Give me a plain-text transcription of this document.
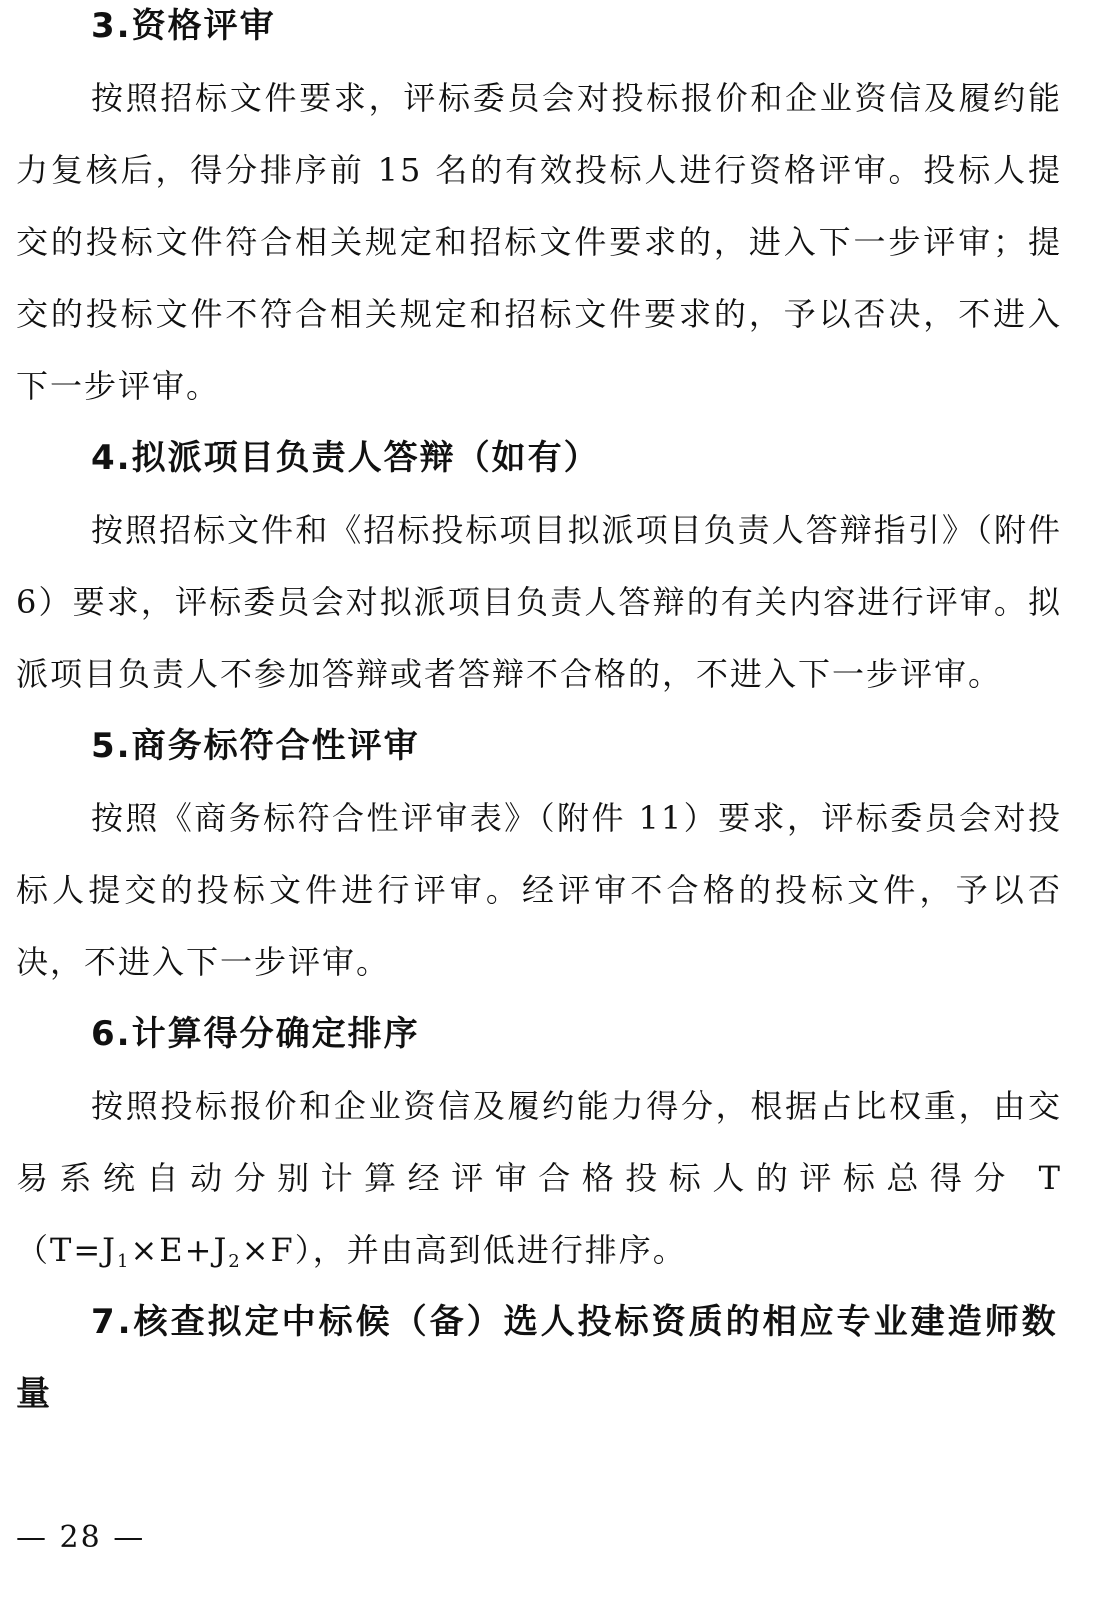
3.资格评审

按照招标文件要求，评标委员会对投标报价和企业资信及履约能力复核后，得分排序前 15 名的有效投标人进行资格评审。投标人提交的投标文件符合相关规定和招标文件要求的，进入下一步评审；提交的投标文件不符合相关规定和招标文件要求的，予以否决，不进入下一步评审。

4.拟派项目负责人答辩（如有）

按照招标文件和《招标投标项目拟派项目负责人答辩指引》（附件 6）要求，评标委员会对拟派项目负责人答辩的有关内容进行评审。拟派项目负责人不参加答辩或者答辩不合格的，不进入下一步评审。

5.商务标符合性评审

按照《商务标符合性评审表》（附件 11）要求，评标委员会对投标人提交的投标文件进行评审。经评审不合格的投标文件，予以否决，不进入下一步评审。

6.计算得分确定排序

按照投标报价和企业资信及履约能力得分，根据占比权重，由交易系统自动分别计算经评审合格投标人的评标总得分 $T(T=J_1\times E+J_2\times F)$，并由高到低进行排序。

7.核查拟定中标候（备）选人投标资质的相应专业建造师数量

— 28 —
